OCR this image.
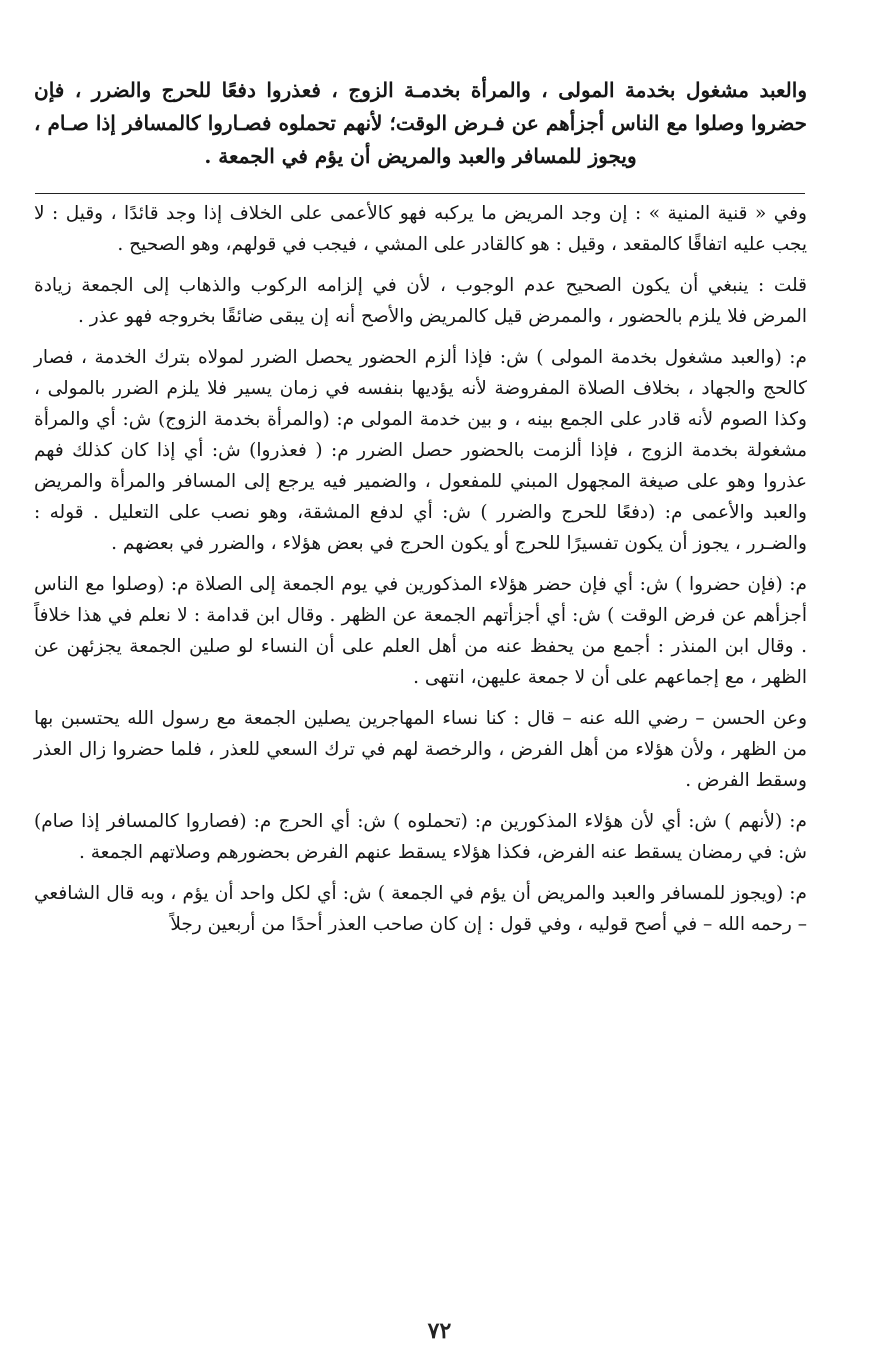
والعبد مشغول بخدمة المولى ، والمرأة بخدمـة الزوج ، فعذروا دفعًا للحرج والضرر ، فإن حضروا وصلوا مع الناس أجزأهم عن فـرض الوقت؛ لأنهم تحملوه فصـاروا كالمسافر إذا صـام ، ويجوز للمسافر والعبد والمريض أن يؤم في الجمعة .

وفي « قنية المنية » : إن وجد المريض ما يركبه فهو كالأعمى على الخلاف إذا وجد قائدًا ، وقيل : لا يجب عليه اتفاقًا كالمقعد ، وقيل : هو كالقادر على المشي ، فيجب في قولهم، وهو الصحيح .

قلت : ينبغي أن يكون الصحيح عدم الوجوب ، لأن في إلزامه الركوب والذهاب إلى الجمعة زيادة المرض فلا يلزم بالحضور ، والممرض قيل كالمريض والأصح أنه إن يبقى ضائقًا بخروجه فهو عذر .

م: (والعبد مشغول بخدمة المولى ) ش: فإذا ألزم الحضور يحصل الضرر لمولاه بترك الخدمة ، فصار كالحج والجهاد ، بخلاف الصلاة المفروضة لأنه يؤديها بنفسه في زمان يسير فلا يلزم الضرر بالمولى ، وكذا الصوم لأنه قادر على الجمع بينه ، و بين خدمة المولى م: (والمرأة بخدمة الزوج) ش: أي والمرأة مشغولة بخدمة الزوج ، فإذا ألزمت بالحضور حصل الضرر م: ( فعذروا) ش: أي إذا كان كذلك فهم عذروا وهو على صيغة المجهول المبني للمفعول ، والضمير فيه يرجع إلى المسافر والمرأة والمريض والعبد والأعمى م: (دفعًا للحرج والضرر ) ش: أي لدفع المشقة، وهو نصب على التعليل . قوله : والضـرر ، يجوز أن يكون تفسيرًا للحرج أو يكون الحرج في بعض هؤلاء ، والضرر في بعضهم .

م: (فإن حضروا ) ش: أي فإن حضر هؤلاء المذكورين في يوم الجمعة إلى الصلاة م: (وصلوا مع الناس أجزأهم عن فرض الوقت ) ش: أي أجزأتهم الجمعة عن الظهر . وقال ابن قدامة : لا نعلم في هذا خلافاً . وقال ابن المنذر : أجمع من يحفظ عنه من أهل العلم على أن النساء لو صلين الجمعة يجزئهن عن الظهر ، مع إجماعهم على أن لا جمعة عليهن، انتهى .

وعن الحسن – رضي الله عنه – قال : كنا نساء المهاجرين يصلين الجمعة مع رسول الله يحتسبن بها من الظهر ، ولأن هؤلاء من أهل الفرض ، والرخصة لهم في ترك السعي للعذر ، فلما حضروا زال العذر وسقط الفرض .

م: (لأنهم ) ش: أي لأن هؤلاء المذكورين م: (تحملوه ) ش: أي الحرج م: (فصاروا كالمسافر إذا صام) ش: في رمضان يسقط عنه الفرض، فكذا هؤلاء يسقط عنهم الفرض بحضورهم وصلاتهم الجمعة .

م: (ويجوز للمسافر والعبد والمريض أن يؤم في الجمعة ) ش: أي لكل واحد أن يؤم ، وبه قال الشافعي – رحمه الله – في أصح قوليه ، وفي قول : إن كان صاحب العذر أحدًا من أربعين رجلاً

٧٢
